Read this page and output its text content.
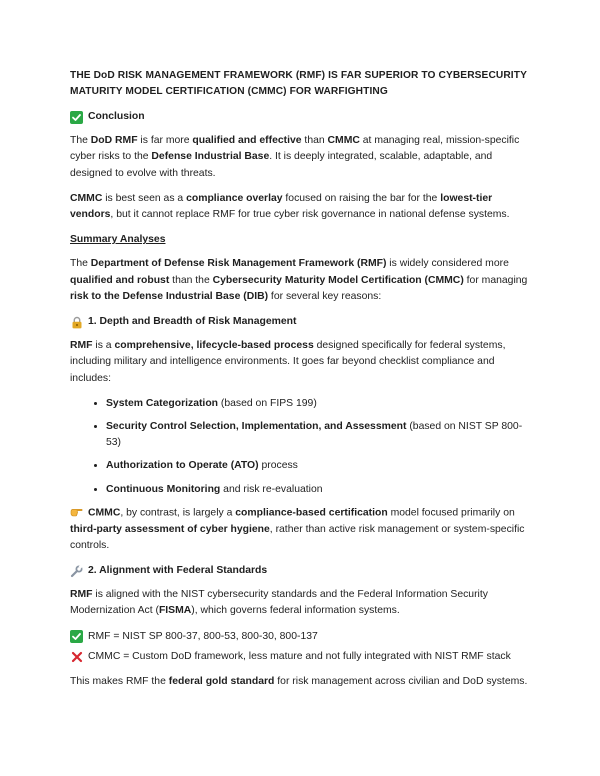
THE DoD RISK MANAGEMENT FRAMEWORK (RMF) IS FAR SUPERIOR TO CYBERSECURITY MATURITY MODEL CERTIFICATION (CMMC) FOR WARFIGHTING

Conclusion

The DoD RMF is far more qualified and effective than CMMC at managing real, mission-specific cyber risks to the Defense Industrial Base. It is deeply integrated, scalable, adaptable, and designed to evolve with threats.

CMMC is best seen as a compliance overlay focused on raising the bar for the lowest-tier vendors, but it cannot replace RMF for true cyber risk governance in national defense systems.

Summary Analyses

The Department of Defense Risk Management Framework (RMF) is widely considered more qualified and robust than the Cybersecurity Maturity Model Certification (CMMC) for managing risk to the Defense Industrial Base (DIB) for several key reasons:

1. Depth and Breadth of Risk Management

RMF is a comprehensive, lifecycle-based process designed specifically for federal systems, including military and intelligence environments. It goes far beyond checklist compliance and includes:

• System Categorization (based on FIPS 199)
• Security Control Selection, Implementation, and Assessment (based on NIST SP 800-53)
• Authorization to Operate (ATO) process
• Continuous Monitoring and risk re-evaluation

CMMC, by contrast, is largely a compliance-based certification model focused primarily on third-party assessment of cyber hygiene, rather than active risk management or system-specific controls.

2. Alignment with Federal Standards

RMF is aligned with the NIST cybersecurity standards and the Federal Information Security Modernization Act (FISMA), which governs federal information systems.

RMF = NIST SP 800-37, 800-53, 800-30, 800-137
CMMC = Custom DoD framework, less mature and not fully integrated with NIST RMF stack

This makes RMF the federal gold standard for risk management across civilian and DoD systems.
